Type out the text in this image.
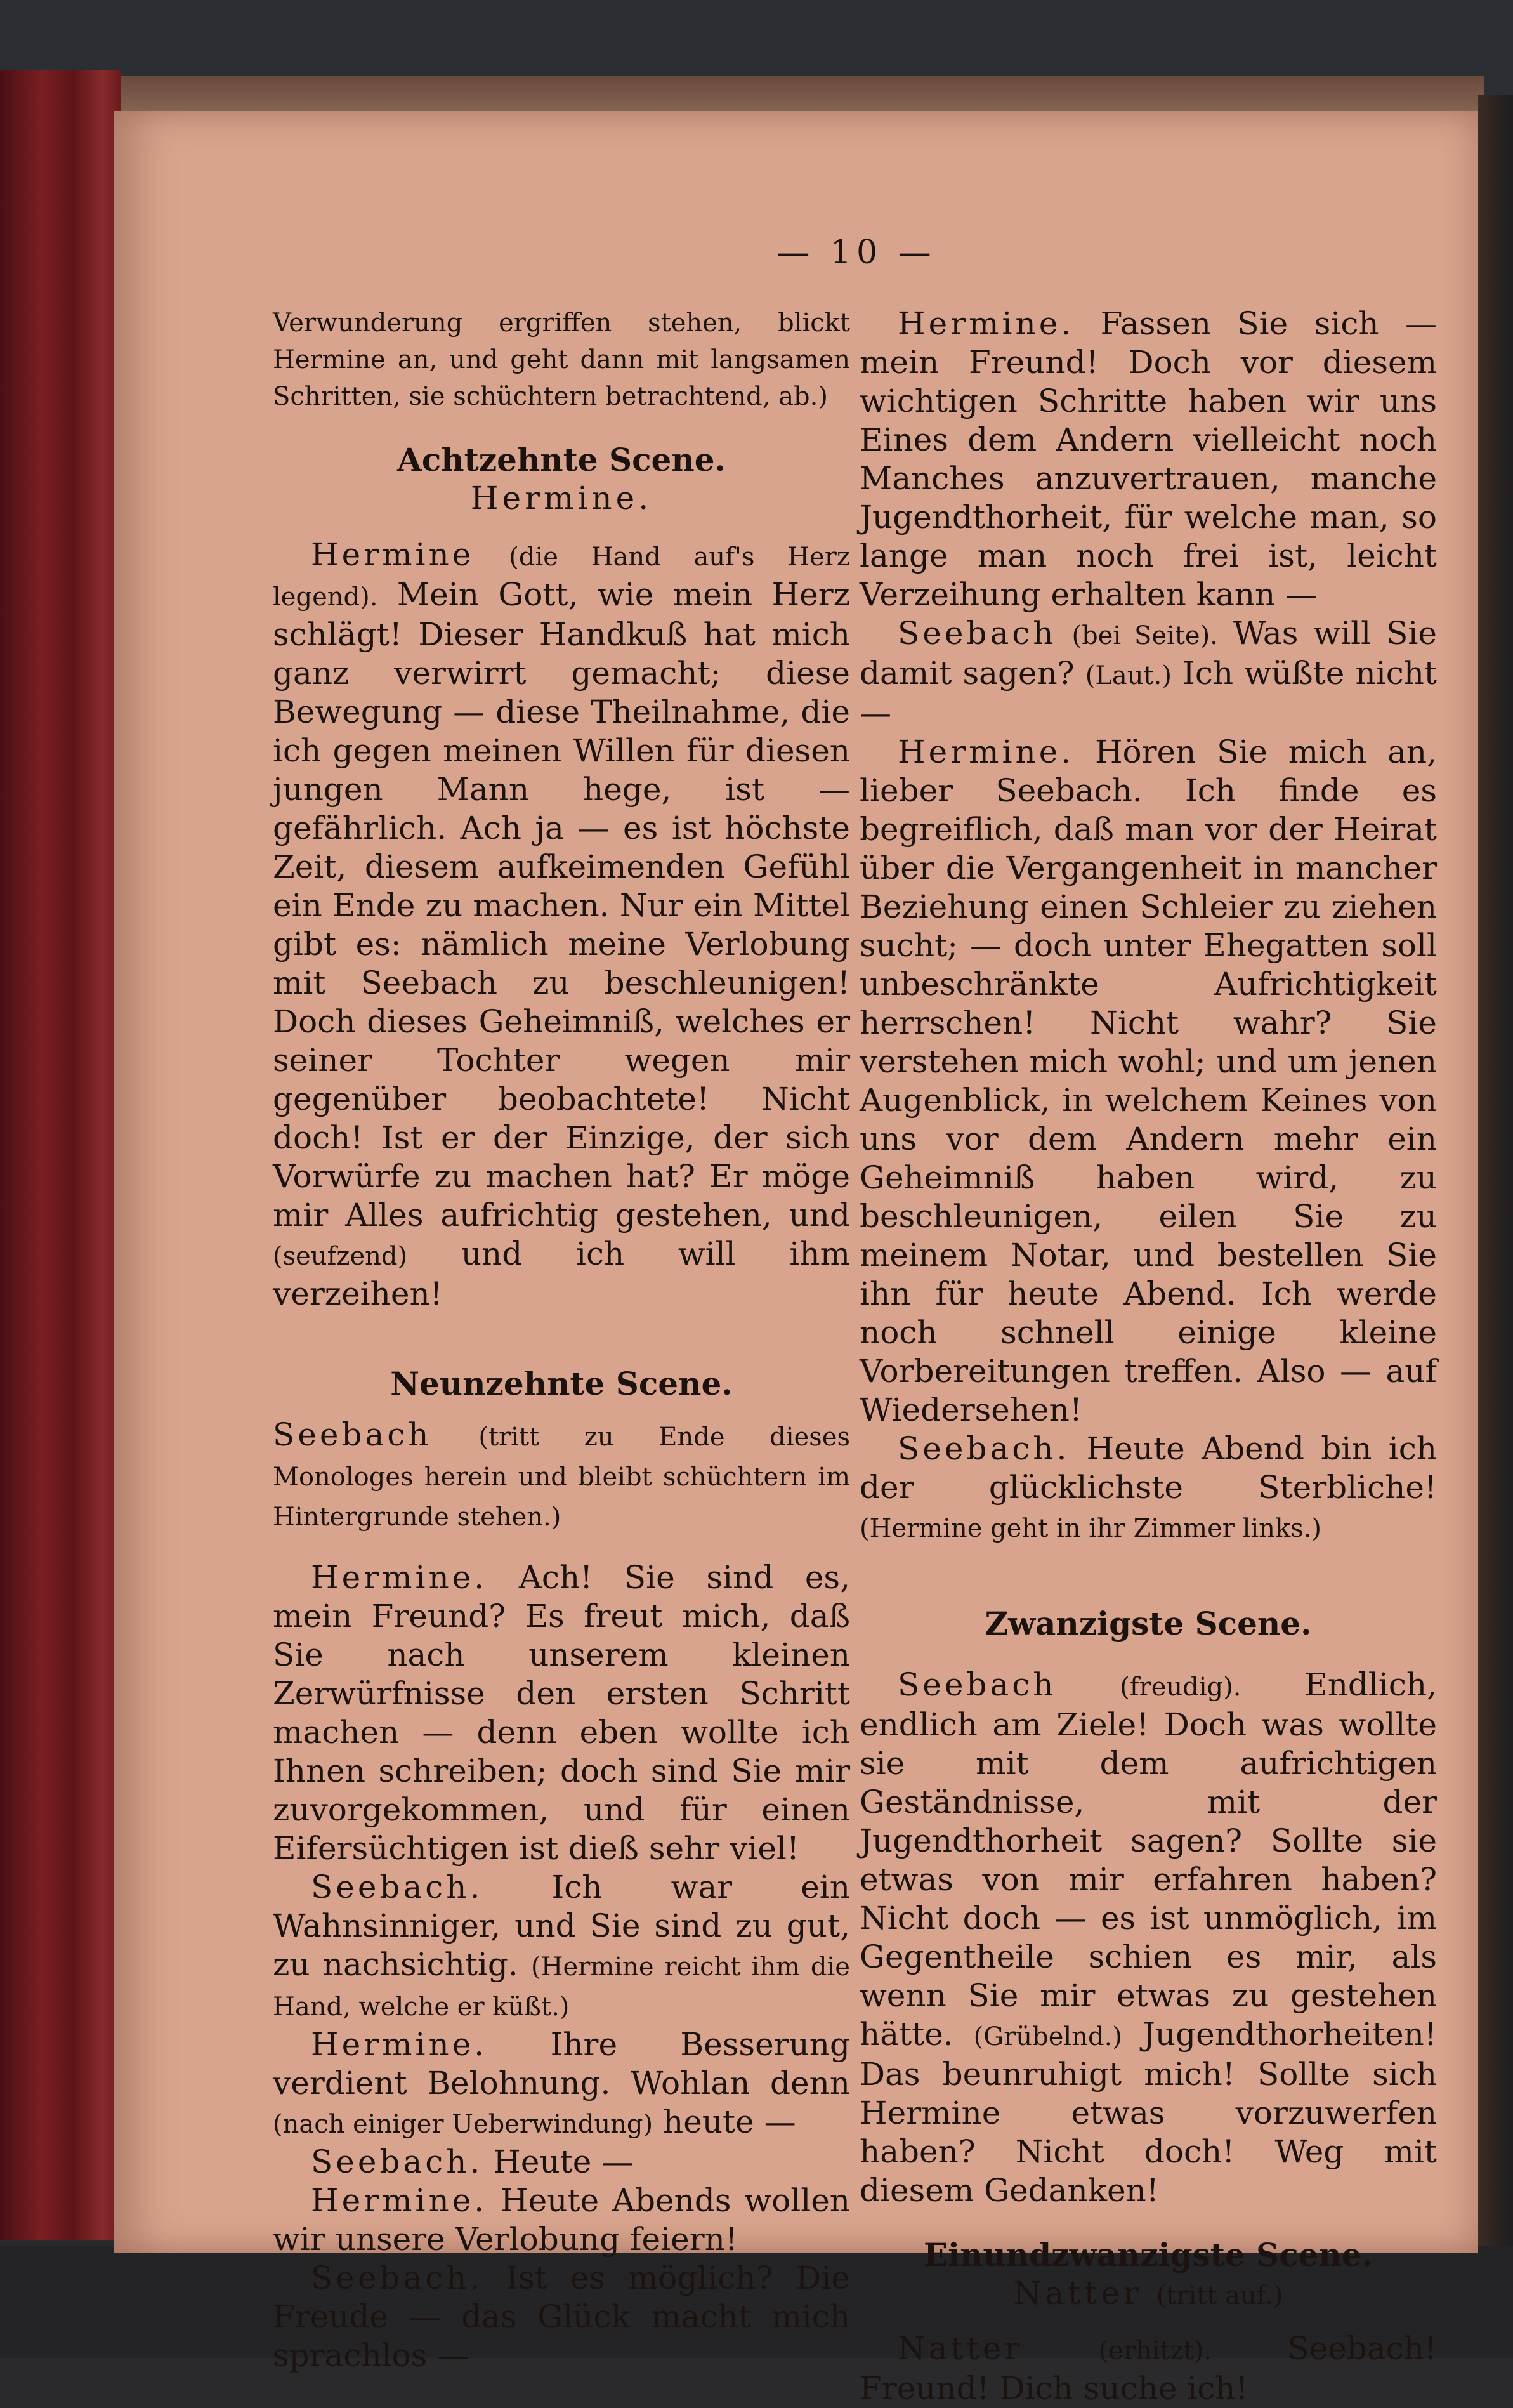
— 10 —

Verwunderung ergriffen stehen, blickt Hermine an, und geht dann mit langsamen Schritten, sie schüchtern betrachtend, ab.)

Achtzehnte Scene.

Hermine.

Hermine (die Hand auf's Herz legend). Mein Gott, wie mein Herz schlägt! Dieser Handkuß hat mich ganz verwirrt gemacht; diese Bewegung — diese Theilnahme, die ich gegen meinen Willen für diesen jungen Mann hege, ist — gefährlich. Ach ja — es ist höchste Zeit, diesem aufkeimenden Gefühl ein Ende zu machen. Nur ein Mittel gibt es: nämlich meine Verlobung mit Seebach zu beschleunigen! Doch dieses Geheimniß, welches er seiner Tochter wegen mir gegenüber beobachtete! Nicht doch! Ist er der Einzige, der sich Vorwürfe zu machen hat? Er möge mir Alles aufrichtig gestehen, und (seufzend) und ich will ihm verzeihen!

Neunzehnte Scene.

Seebach (tritt zu Ende dieses Monologes herein und bleibt schüchtern im Hintergrunde stehen.)

Hermine. Ach! Sie sind es, mein Freund? Es freut mich, daß Sie nach unserem kleinen Zerwürfnisse den ersten Schritt machen — denn eben wollte ich Ihnen schreiben; doch sind Sie mir zuvorgekommen, und für einen Eifersüchtigen ist dieß sehr viel!

Seebach. Ich war ein Wahnsinniger, und Sie sind zu gut, zu nachsichtig. (Hermine reicht ihm die Hand, welche er küßt.)

Hermine. Ihre Besserung verdient Belohnung. Wohlan denn (nach einiger Ueberwindung) heute —

Seebach. Heute —

Hermine. Heute Abends wollen wir unsere Verlobung feiern!

Seebach. Ist es möglich? Die Freude — das Glück macht mich sprachlos —

Hermine. Fassen Sie sich — mein Freund! Doch vor diesem wichtigen Schritte haben wir uns Eines dem Andern vielleicht noch Manches anzuvertrauen, manche Jugendthorheit, für welche man, so lange man noch frei ist, leicht Verzeihung erhalten kann —

Seebach (bei Seite). Was will Sie damit sagen? (Laut.) Ich wüßte nicht —

Hermine. Hören Sie mich an, lieber Seebach. Ich finde es begreiflich, daß man vor der Heirat über die Vergangenheit in mancher Beziehung einen Schleier zu ziehen sucht; — doch unter Ehegatten soll unbeschränkte Aufrichtigkeit herrschen! Nicht wahr? Sie verstehen mich wohl; und um jenen Augenblick, in welchem Keines von uns vor dem Andern mehr ein Geheimniß haben wird, zu beschleunigen, eilen Sie zu meinem Notar, und bestellen Sie ihn für heute Abend. Ich werde noch schnell einige kleine Vorbereitungen treffen. Also — auf Wiedersehen!

Seebach. Heute Abend bin ich der glücklichste Sterbliche! (Hermine geht in ihr Zimmer links.)

Zwanzigste Scene.

Seebach (freudig). Endlich, endlich am Ziele! Doch was wollte sie mit dem aufrichtigen Geständnisse, mit der Jugendthorheit sagen? Sollte sie etwas von mir erfahren haben? Nicht doch — es ist unmöglich, im Gegentheile schien es mir, als wenn Sie mir etwas zu gestehen hätte. (Grübelnd.) Jugendthorheiten! Das beunruhigt mich! Sollte sich Hermine etwas vorzuwerfen haben? Nicht doch! Weg mit diesem Gedanken!

Einundzwanzigste Scene.

Natter (tritt auf.)

Natter	(erhitzt). Seebach! Freund! Dich suche ich!
